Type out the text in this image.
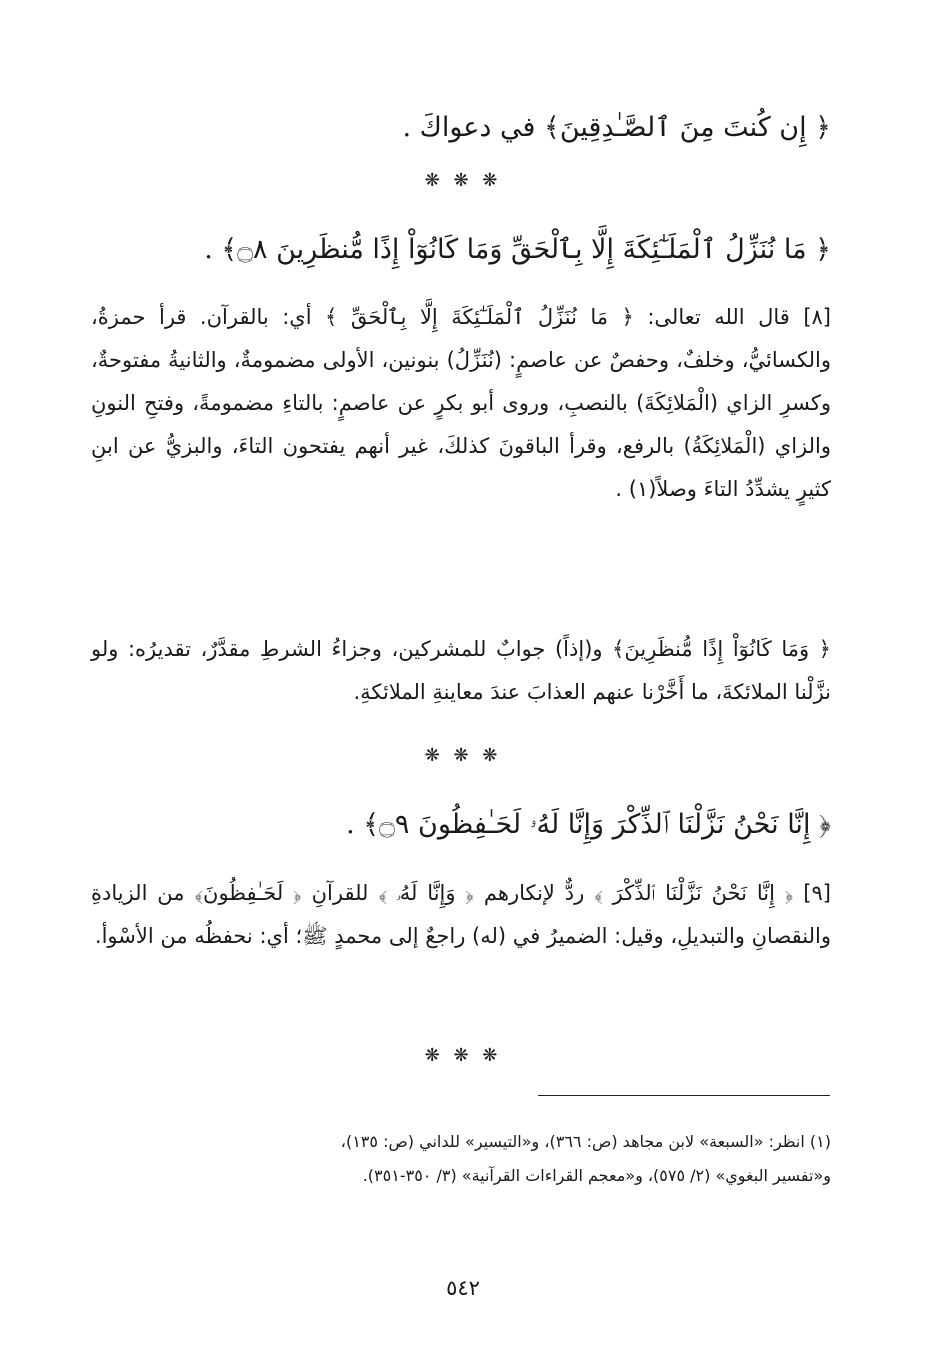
﴿ إِن كُنتَ مِنَ ٱلصَّـٰدِقِينَ﴾ في دعواكَ .
❋ ❋ ❋
﴿ مَا نُنَزِّلُ ٱلْمَلَـٰٓئِكَةَ إِلَّا بِٱلْحَقِّ وَمَا كَانُوٓاْ إِذًا مُّنظَرِينَ ۝٨﴾ .

[٨] قال الله تعالى: ﴿ مَا نُنَزِّلُ ٱلْمَلَـٰٓئِكَةَ إِلَّا بِٱلْحَقِّ ﴾ أي: بالقرآن. قرأ حمزةُ، والكسائيُّ، وخلفٌ، وحفصٌ عن عاصمٍ: (نُنَزِّلُ) بنونين، الأولى مضمومةٌ، والثانيةُ مفتوحةٌ، وكسرِ الزاي (الْمَلائِكَةَ) بالنصبِ، وروى أبو بكرٍ عن عاصمٍ: بالتاءِ مضمومةً، وفتحِ النونِ والزاي (الْمَلائِكَةُ) بالرفع، وقرأ الباقونَ كذلكَ، غير أنهم يفتحون التاءَ، والبزيُّ عن ابنِ كثيرٍ يشدِّدُ التاءَ وصلاً(١) .

﴿ وَمَا كَانُوٓاْ إِذًا مُّنظَرِينَ﴾ و(إذاً) جوابٌ للمشركين، وجزاءُ الشرطِ مقدَّرٌ، تقديرُه: ولو نزَّلْنا الملائكةَ، ما أَخَّرْنا عنهم العذابَ عندَ معاينةِ الملائكةِ.

❋ ❋ ❋
﴿ إِنَّا نَحْنُ نَزَّلْنَا ٱلذِّكْرَ وَإِنَّا لَهُۥ لَحَـٰفِظُونَ ۝٩﴾ .

[٩] ﴿ إِنَّا نَحْنُ نَزَّلْنَا ٱلذِّكْرَ ﴾ ردٌّ لإنكارهم ﴿ وَإِنَّا لَهُۥ ﴾ للقرآنِ ﴿ لَحَـٰفِظُونَ﴾ من الزيادةِ والنقصانِ والتبديلِ، وقيل: الضميرُ في (له) راجعٌ إلى محمدٍ ﷺ؛ أي: نحفظُه من الأسْوأ.

❋ ❋ ❋
(١) انظر: «السبعة» لابن مجاهد (ص: ٣٦٦)، و«التيسير» للداني (ص: ١٣٥)،
و«تفسير البغوي» (٢/ ٥٧٥)، و«معجم القراءات القرآنية» (٣/ ٣٥٠-٣٥١).
٥٤٢
